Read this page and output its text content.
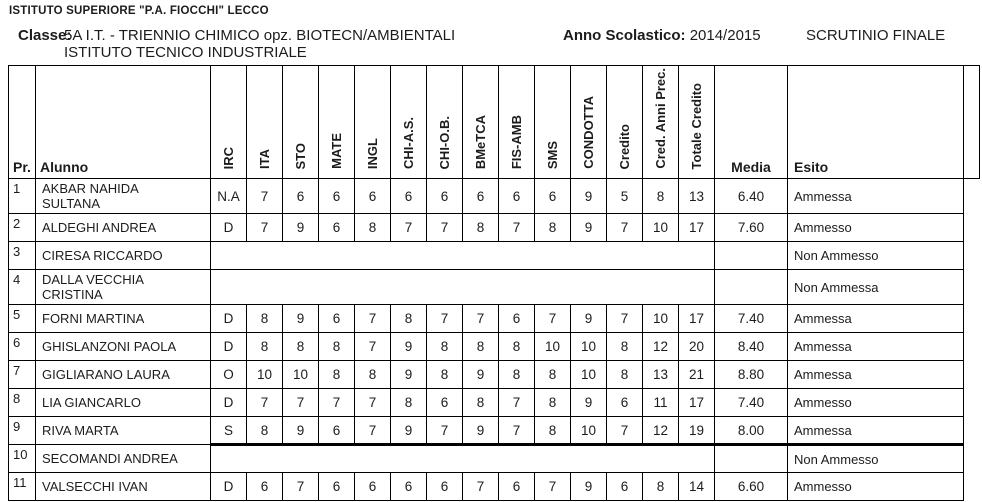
ISTITUTO SUPERIORE "P.A. FIOCCHI" LECCO
Classe:
5A I.T. - TRIENNIO CHIMICO opz. BIOTECN/AMBIENTALI
ISTITUTO TECNICO INDUSTRIALE
Anno Scolastico: 2014/2015	SCRUTINIO FINALE
Pr.	Alunno	IRC	ITA	STO	MATE	INGL	CHI-A.S.	CHI-O.B.	BMeTCA	FIS-AMB	SMS	CONDOTTA	Credito	Cred. Anni Prec.	Totale Credito	Media	Esito	
1	AKBAR NAHIDA SULTANA	N.A	7	6	6	6	6	6	6	6	6	9	5	8	13	6.40	Ammessa	
2	ALDEGHI ANDREA	D	7	9	6	8	7	7	8	7	8	9	7	10	17	7.60	Ammesso	
3	CIRESA RICCARDO																Non Ammesso	
4	DALLA VECCHIA CRISTINA																Non Ammessa	
5	FORNI MARTINA	D	8	9	6	7	8	7	7	6	7	9	7	10	17	7.40	Ammessa	
6	GHISLANZONI PAOLA	D	8	8	8	7	9	8	8	8	10	10	8	12	20	8.40	Ammessa	
7	GIGLIARANO LAURA	O	10	10	8	8	9	8	9	8	8	10	8	13	21	8.80	Ammessa	
8	LIA GIANCARLO	D	7	7	7	7	8	6	8	7	8	9	6	11	17	7.40	Ammesso	
9	RIVA MARTA	S	8	9	6	7	9	7	9	7	8	10	7	12	19	8.00	Ammessa	
10	SECOMANDI ANDREA																Non Ammesso	
11	VALSECCHI IVAN	D	6	7	6	6	6	6	7	6	7	9	6	8	14	6.60	Ammesso	
